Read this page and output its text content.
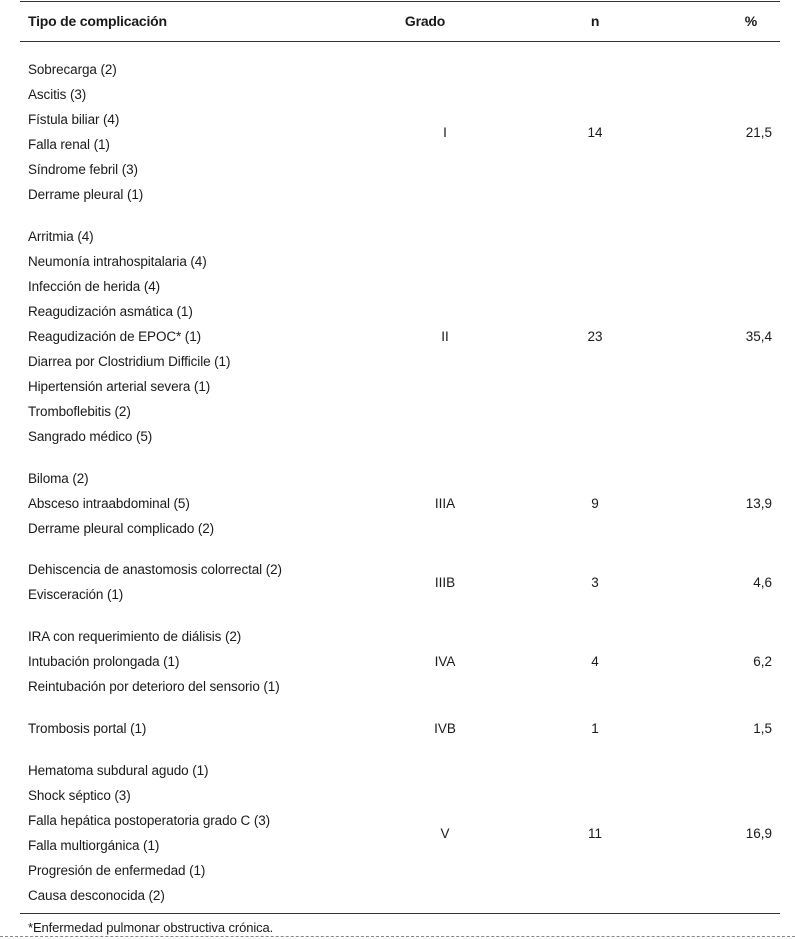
Tipo de complicación	Grado	n	%
Sobrecarga (2)
Ascitis (3)
Fístula biliar (4)
Falla renal (1)
Síndrome febril (3)
Derrame pleural (1)
I	14	21,5
Arritmia (4)
Neumonía intrahospitalaria (4)
Infección de herida (4)
Reagudización asmática (1)
Reagudización de EPOC* (1)
Diarrea por Clostridium Difficile (1)
Hipertensión arterial severa (1)
Tromboflebitis (2)
Sangrado médico (5)
II	23	35,4
Biloma (2)
Absceso intraabdominal (5)
Derrame pleural complicado (2)
IIIA	9	13,9
Dehiscencia de anastomosis colorrectal (2)
Evisceración (1)
IIIB	3	4,6
IRA con requerimiento de diálisis (2)
Intubación prolongada (1)
Reintubación por deterioro del sensorio (1)
IVA	4	6,2
Trombosis portal (1)	IVB	1	1,5
Hematoma subdural agudo (1)
Shock séptico (3)
Falla hepática postoperatoria grado C (3)
Falla multiorgánica (1)
Progresión de enfermedad (1)
Causa desconocida (2)
V	11	16,9
*Enfermedad pulmonar obstructiva crónica.
